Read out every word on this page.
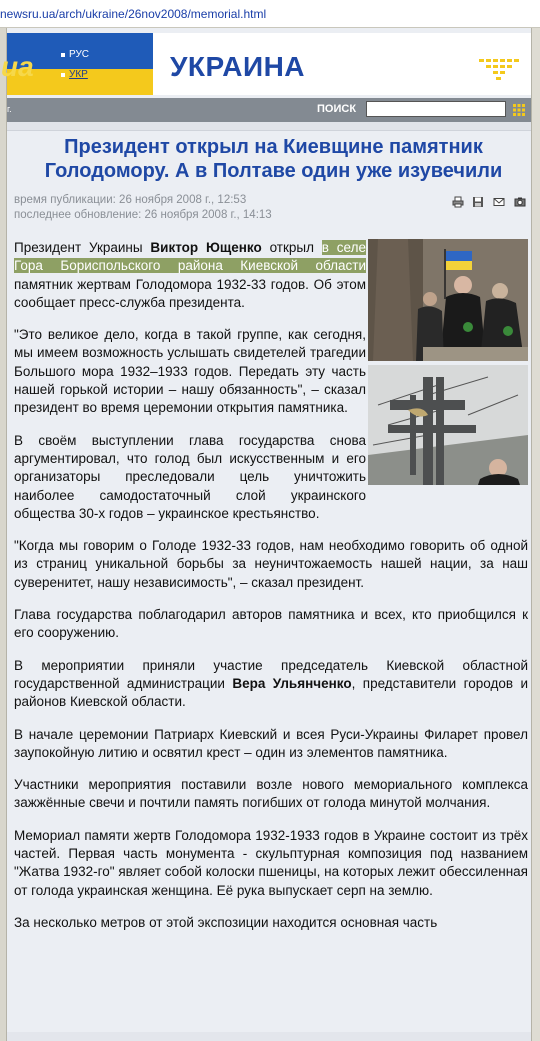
newsru.ua/arch/ukraine/26nov2008/memorial.html
ua	РУС
УКР	УКРАИНА
г.	ПОИСК
Президент открыл на Киевщине памятник Голодомору. А в Полтаве один уже изувечили
время публикации: 26 ноября 2008 г., 12:53
последнее обновление: 26 ноября 2008 г., 14:13

Президент Украины Виктор Ющенко открыл в селе Гора Бориспольского района Киевской области памятник жертвам Голодомора 1932-33 годов. Об этом сообщает пресс-служба президента.

"Это великое дело, когда в такой группе, как сегодня, мы имеем возможность услышать свидетелей трагедии Большого мора 1932–1933 годов. Передать эту часть нашей горькой истории – нашу обязанность", – сказал президент во время церемонии открытия памятника.

В своём выступлении глава государства снова аргументировал, что голод был искусственным и его организаторы преследовали цель уничтожить наиболее самодостаточный слой украинского общества 30-х годов – украинское крестьянство.

"Когда мы говорим о Голоде 1932-33 годов, нам необходимо говорить об одной из страниц уникальной борьбы за неуничтожаемость нашей нации, за наш суверенитет, нашу независимость", – сказал президент.

Глава государства поблагодарил авторов памятника и всех, кто приобщился к его сооружению.

В мероприятии приняли участие председатель Киевской областной государственной администрации Вера Ульянченко, представители городов и районов Киевской области.

В начале церемонии Патриарх Киевский и всея Руси-Украины Филарет провел заупокойную литию и освятил крест – один из элементов памятника.

Участники мероприятия поставили возле нового мемориального комплекса зажжённые свечи и почтили память погибших от голода минутой молчания.

Мемориал памяти жертв Голодомора 1932-1933 годов в Украине состоит из трёх частей. Первая часть монумента - скульптурная композиция под названием "Жатва 1932-го" являет собой колоски пшеницы, на которых лежит обессиленная от голода украинская женщина. Её рука выпускает серп на землю.

За несколько метров от этой экспозиции находится основная часть
